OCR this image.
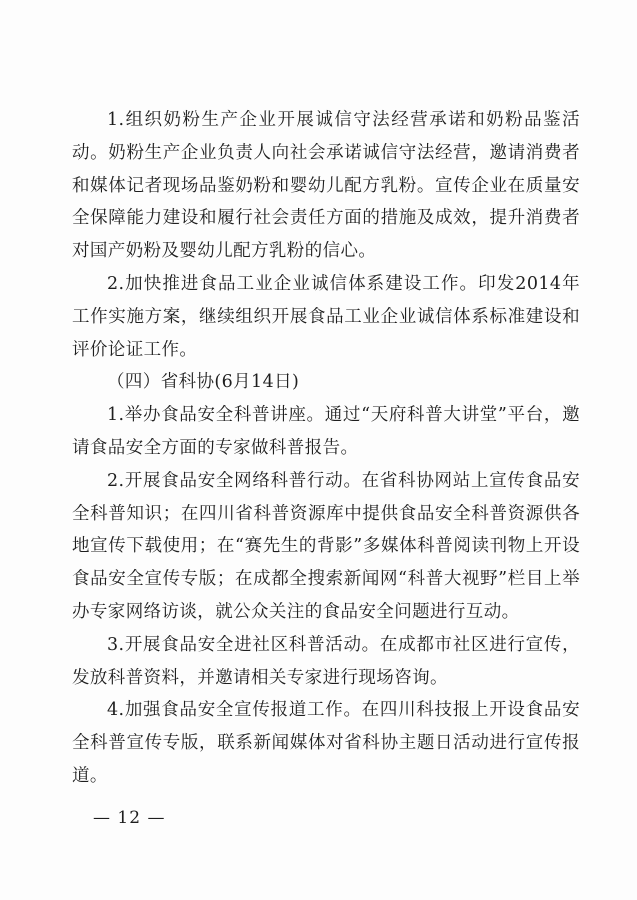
1.组织奶粉生产企业开展诚信守法经营承诺和奶粉品鉴活动。奶粉生产企业负责人向社会承诺诚信守法经营，邀请消费者和媒体记者现场品鉴奶粉和婴幼儿配方乳粉。宣传企业在质量安全保障能力建设和履行社会责任方面的措施及成效，提升消费者对国产奶粉及婴幼儿配方乳粉的信心。

2.加快推进食品工业企业诚信体系建设工作。印发2014年工作实施方案，继续组织开展食品工业企业诚信体系标准建设和评价论证工作。

（四）省科协(6月14日)

1.举办食品安全科普讲座。通过“天府科普大讲堂”平台，邀请食品安全方面的专家做科普报告。

2.开展食品安全网络科普行动。在省科协网站上宣传食品安全科普知识；在四川省科普资源库中提供食品安全科普资源供各地宣传下载使用；在“赛先生的背影”多媒体科普阅读刊物上开设食品安全宣传专版；在成都全搜索新闻网“科普大视野”栏目上举办专家网络访谈，就公众关注的食品安全问题进行互动。

3.开展食品安全进社区科普活动。在成都市社区进行宣传，发放科普资料，并邀请相关专家进行现场咨询。

4.加强食品安全宣传报道工作。在四川科技报上开设食品安全科普宣传专版，联系新闻媒体对省科协主题日活动进行宣传报道。

— 12 —
